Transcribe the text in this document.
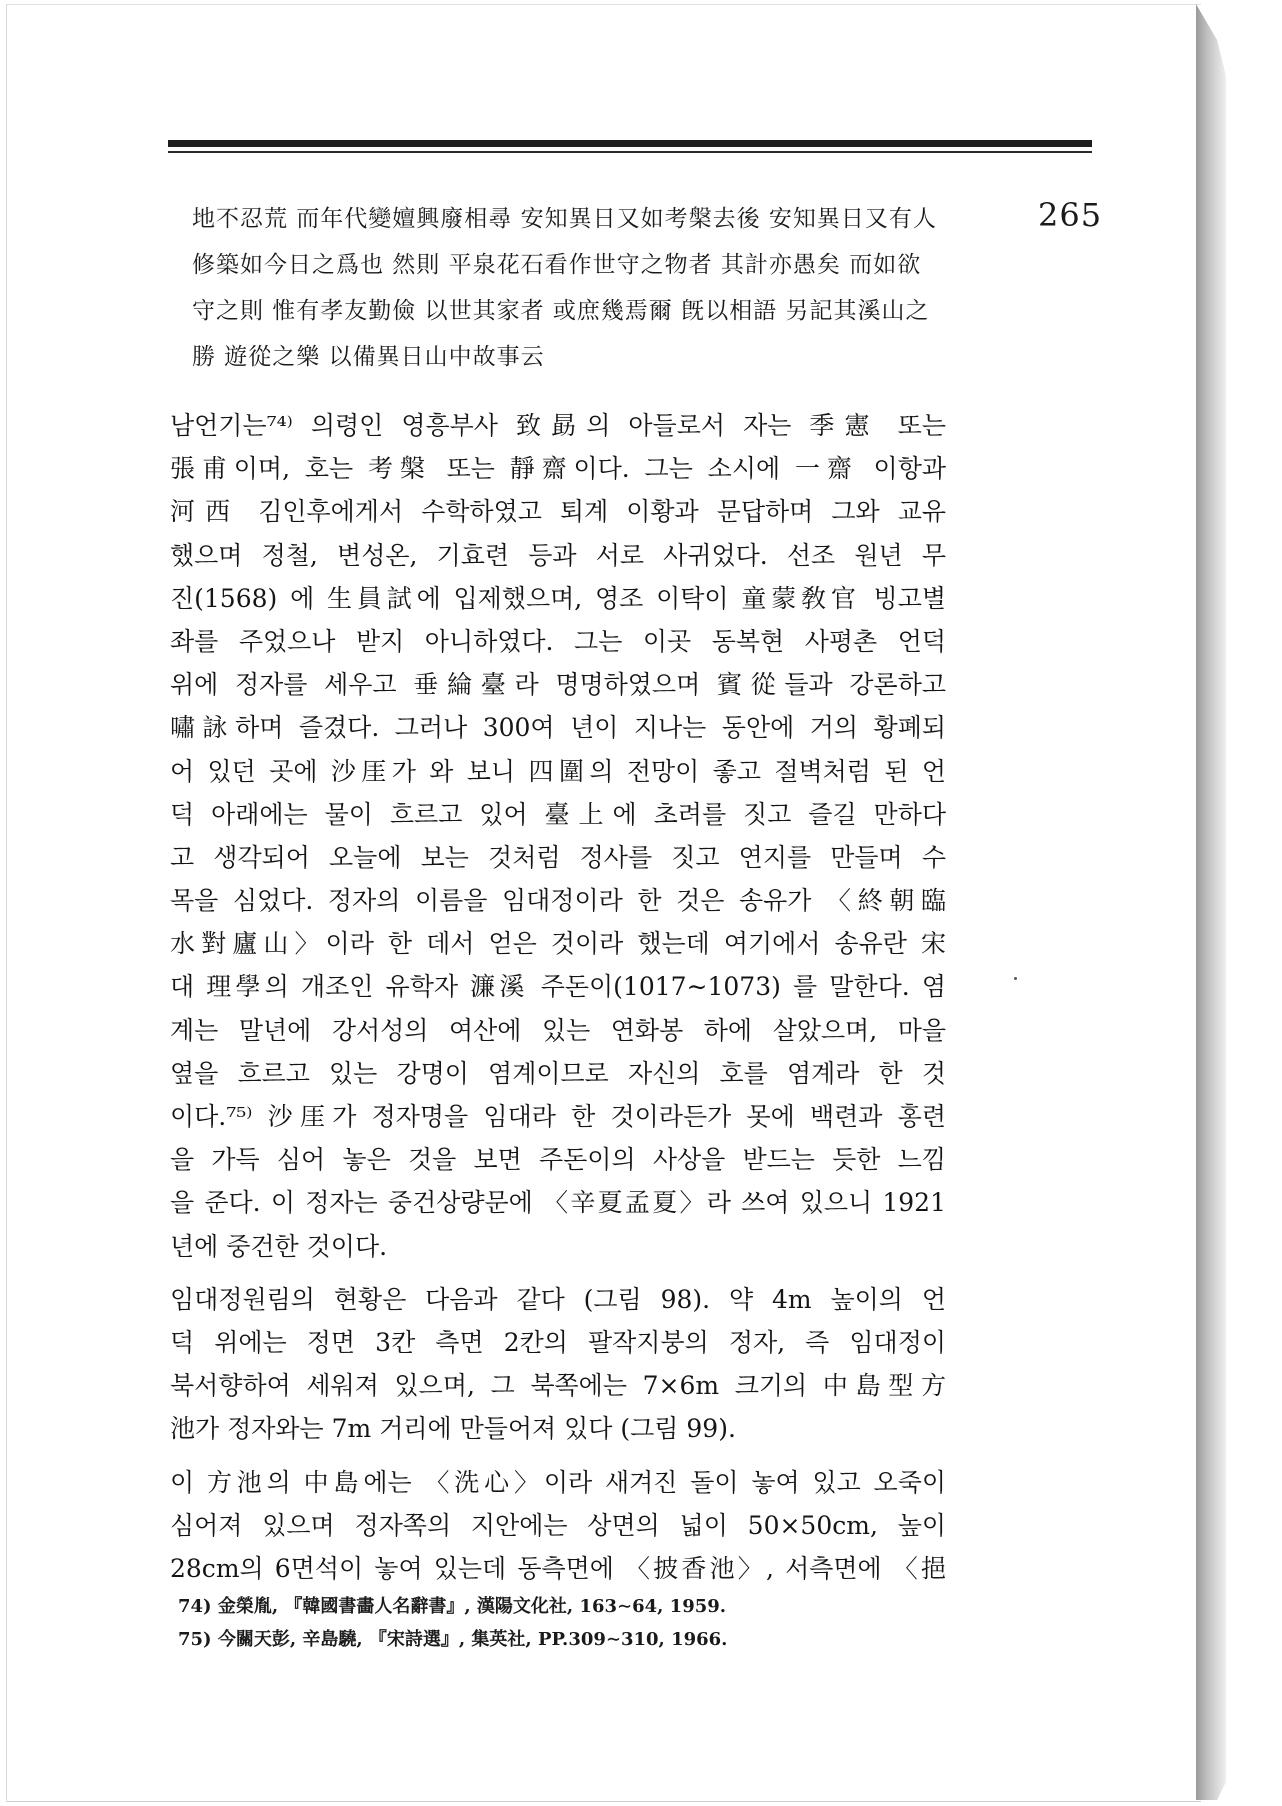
265
地不忍荒 而年代變嬗興廢相尋 安知異日又如考槃去後 安知異日又有人
修築如今日之爲也 然則 平泉花石看作世守之物者 其計亦愚矣 而如欲
守之則 惟有孝友勤儉 以世其家者 或庶幾焉爾 旣以相語 另記其溪山之
勝 遊從之樂 以備異日山中故事云
남언기는⁷⁴⁾ 의령인 영흥부사 致勗의 아들로서 자는 季憲 또는
張甫이며, 호는 考槃 또는 靜齋이다. 그는 소시에 一齋 이항과
河西 김인후에게서 수학하였고 퇴계 이황과 문답하며 그와 교유
했으며 정철, 변성온, 기효련 등과 서로 사귀었다. 선조 원년 무
진(1568) 에 生員試에 입제했으며, 영조 이탁이 童蒙敎官 빙고별
좌를 주었으나 받지 아니하였다. 그는 이곳 동복현 사평촌 언덕
위에 정자를 세우고 垂綸臺라 명명하였으며 賓從들과 강론하고
嘯詠하며 즐겼다. 그러나 300여 년이 지나는 동안에 거의 황폐되
어 있던 곳에 沙厓가 와 보니 四圍의 전망이 좋고 절벽처럼 된 언
덕 아래에는 물이 흐르고 있어 臺上에 초려를 짓고 즐길 만하다
고 생각되어 오늘에 보는 것처럼 정사를 짓고 연지를 만들며 수
목을 심었다. 정자의 이름을 임대정이라 한 것은 송유가 〈終朝臨
水對廬山〉이라 한 데서 얻은 것이라 했는데 여기에서 송유란 宋
대 理學의 개조인 유학자 濂溪 주돈이(1017∼1073) 를 말한다. 염
계는 말년에 강서성의 여산에 있는 연화봉 하에 살았으며, 마을
옆을 흐르고 있는 강명이 염계이므로 자신의 호를 염계라 한 것
이다.⁷⁵⁾ 沙厓가 정자명을 임대라 한 것이라든가 못에 백련과 홍련
을 가득 심어 놓은 것을 보면 주돈이의 사상을 받드는 듯한 느낌
을 준다. 이 정자는 중건상량문에 〈辛夏孟夏〉라 쓰여 있으니 1921
년에 중건한 것이다.
임대정원림의 현황은 다음과 같다 (그림 98). 약 4m 높이의 언
덕 위에는 정면 3칸 측면 2칸의 팔작지붕의 정자, 즉 임대정이
북서향하여 세워져 있으며, 그 북쪽에는 7×6m 크기의 中島型方
池가 정자와는 7m 거리에 만들어져 있다 (그림 99).
이 方池의 中島에는 〈洗心〉이라 새겨진 돌이 놓여 있고 오죽이
심어져 있으며 정자쪽의 지안에는 상면의 넓이 50×50cm, 높이
28cm의 6면석이 놓여 있는데 동측면에 〈披香池〉, 서측면에 〈挹
74) 金榮胤, 『韓國書畵人名辭書』, 漢陽文化社, 163∼64, 1959.
75) 今關天彭, 辛島驍, 『宋詩選』, 集英社, PP.309∼310, 1966.
